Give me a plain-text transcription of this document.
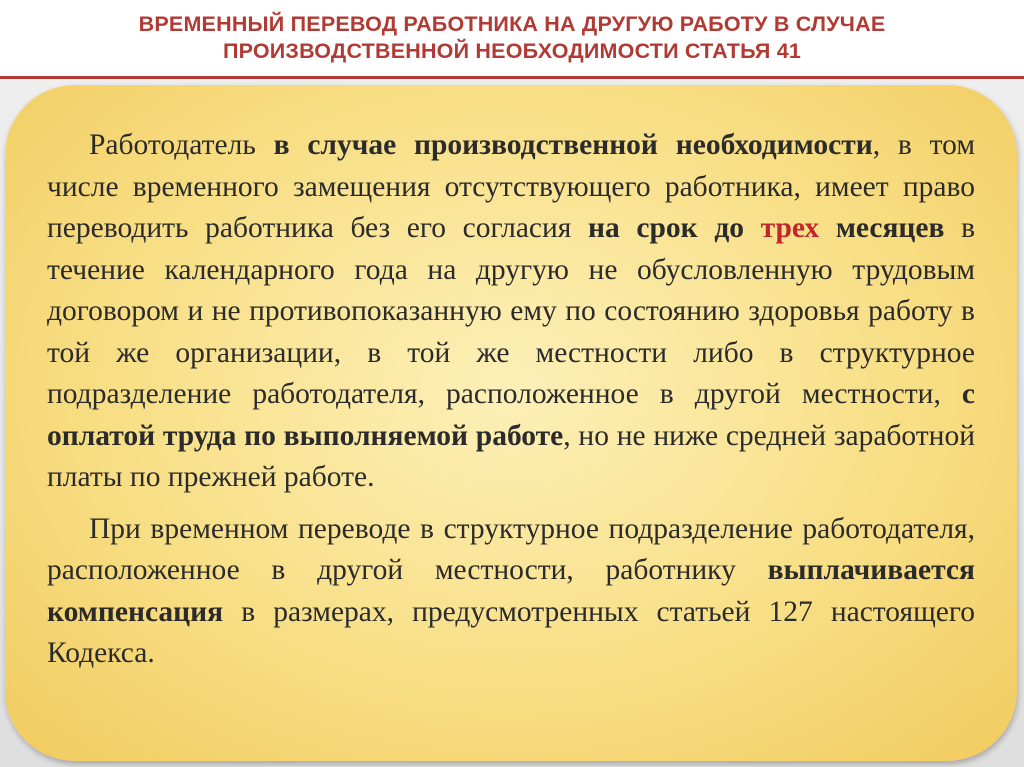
ВРЕМЕННЫЙ ПЕРЕВОД РАБОТНИКА НА ДРУГУЮ РАБОТУ В СЛУЧАЕ
ПРОИЗВОДСТВЕННОЙ НЕОБХОДИМОСТИ СТАТЬЯ 41

Работодатель в случае производственной необходимости, в том числе временного замещения отсутствующего работника, имеет право переводить работника без его согласия на срок до трех месяцев в течение календарного года на другую не обусловленную трудовым договором и не противопоказанную ему по состоянию здоровья работу в той же организации, в той же местности либо в структурное подразделение работодателя, расположенное в другой местности, с оплатой труда по выполняемой работе, но не ниже средней заработной платы по прежней работе.

При временном переводе в структурное подразделение работодателя, расположенное в другой местности, работнику выплачивается компенсация в размерах, предусмотренных статьей 127 настоящего Кодекса.
